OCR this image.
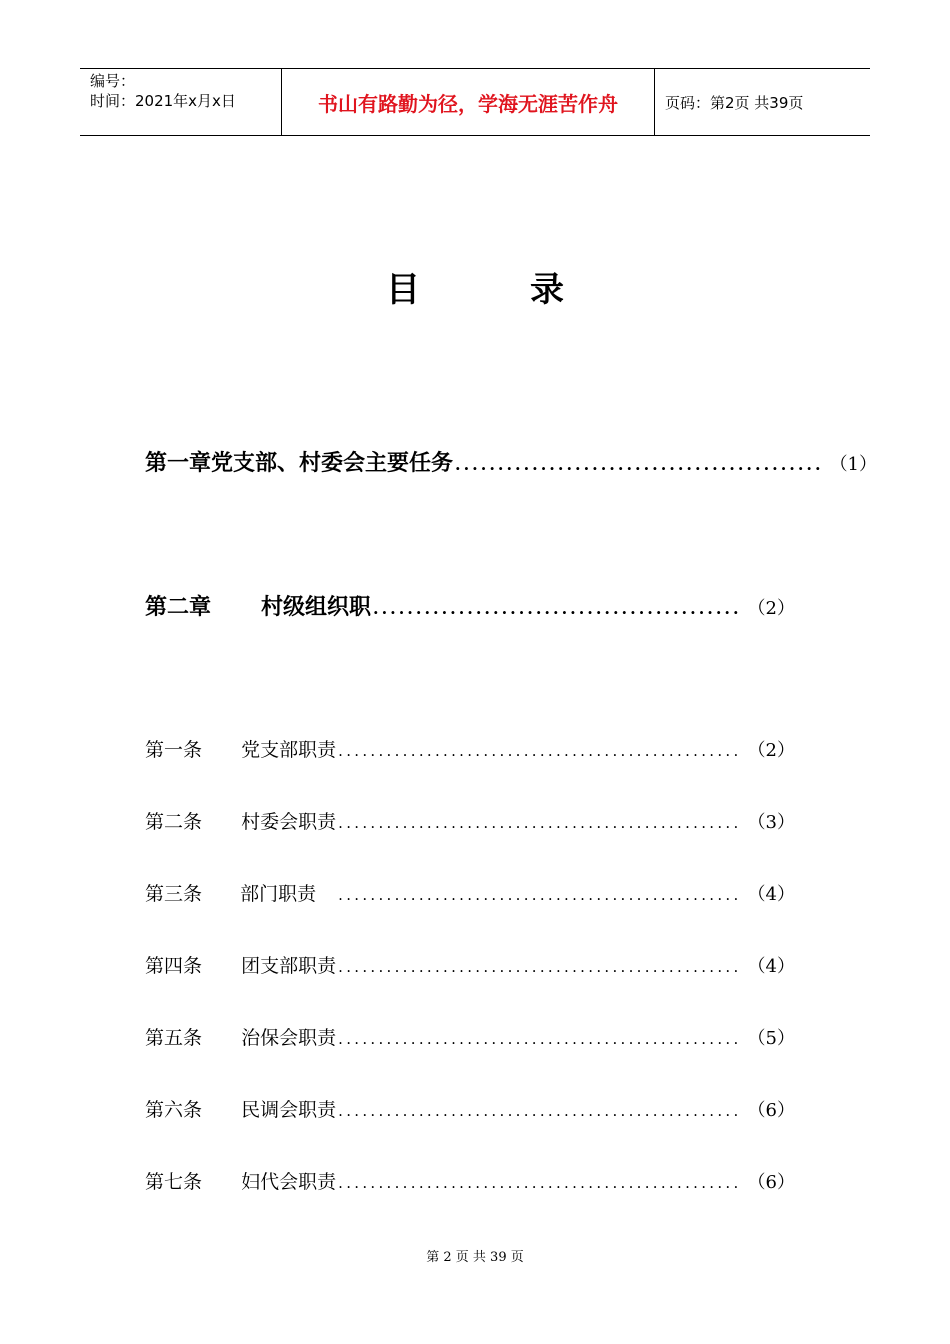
编号：
时间：2021年x月x日	书山有路勤为径，学海无涯苦作舟	页码：第2页 共39页
目	录
第一章 党支部、村委会主要任务 ........................................... （1）
第二章	村级组织职 ........................................... （2）
第一条	党支部职责 .................................................. （2）
第二条	村委会职责 .................................................. （3）
第三条	部门职责 .................................................. （4）
第四条	团支部职责 .................................................. （4）
第五条	治保会职责 .................................................. （5）
第六条	民调会职责 .................................................. （6）
第七条	妇代会职责 .................................................. （6）
第 2 页 共 39 页
